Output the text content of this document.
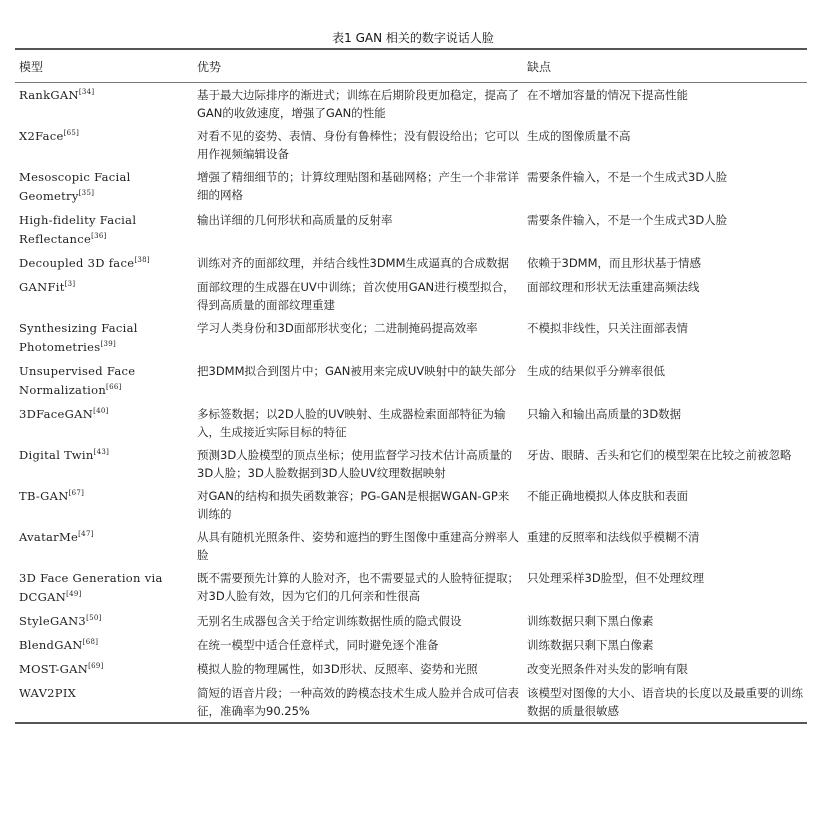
表1 GAN 相关的数字说话人脸
模型	优势	缺点
RankGAN[34]	基于最大边际排序的渐进式；训练在后期阶段更加稳定，提高了GAN的收敛速度，增强了GAN的性能	在不增加容量的情况下提高性能
X2Face[65]	对看不见的姿势、表情、身份有鲁棒性；没有假设给出；它可以用作视频编辑设备	生成的图像质量不高
Mesoscopic Facial Geometry[35]	增强了精细细节的；计算纹理贴图和基础网格；产生一个非常详细的网格	需要条件输入，不是一个生成式3D人脸
High-fidelity Facial Reflectance[36]	输出详细的几何形状和高质量的反射率	需要条件输入，不是一个生成式3D人脸
Decoupled 3D face[38]	训练对齐的面部纹理，并结合线性3DMM生成逼真的合成数据	依赖于3DMM，而且形状基于情感
GANFit[3]	面部纹理的生成器在UV中训练；首次使用GAN进行模型拟合，得到高质量的面部纹理重建	面部纹理和形状无法重建高频法线
Synthesizing Facial Photometries[39]	学习人类身份和3D面部形状变化；二进制掩码提高效率	不模拟非线性，只关注面部表情
Unsupervised Face Normalization[66]	把3DMM拟合到图片中；GAN被用来完成UV映射中的缺失部分	生成的结果似乎分辨率很低
3DFaceGAN[40]	多标签数据；以2D人脸的UV映射、生成器检索面部特征为输入，生成接近实际目标的特征	只输入和输出高质量的3D数据
Digital Twin[43]	预测3D人脸模型的顶点坐标；使用监督学习技术估计高质量的3D人脸；3D人脸数据到3D人脸UV纹理数据映射	牙齿、眼睛、舌头和它们的模型架在比较之前被忽略
TB-GAN[67]	对GAN的结构和损失函数兼容；PG-GAN是根据WGAN-GP来训练的	不能正确地模拟人体皮肤和表面
AvatarMe[47]	从具有随机光照条件、姿势和遮挡的野生图像中重建高分辨率人脸	重建的反照率和法线似乎模糊不清
3D Face Generation via DCGAN[49]	既不需要预先计算的人脸对齐，也不需要显式的人脸特征提取；对3D人脸有效，因为它们的几何亲和性很高	只处理采样3D脸型，但不处理纹理
StyleGAN3[50]	无别名生成器包含关于给定训练数据性质的隐式假设	训练数据只剩下黑白像素
BlendGAN[68]	在统一模型中适合任意样式，同时避免逐个准备	训练数据只剩下黑白像素
MOST-GAN[69]	模拟人脸的物理属性，如3D形状、反照率、姿势和光照	改变光照条件对头发的影响有限
WAV2PIX	简短的语音片段；一种高效的跨模态技术生成人脸并合成可信表征，准确率为90.25%	该模型对图像的大小、语音块的长度以及最重要的训练数据的质量很敏感
